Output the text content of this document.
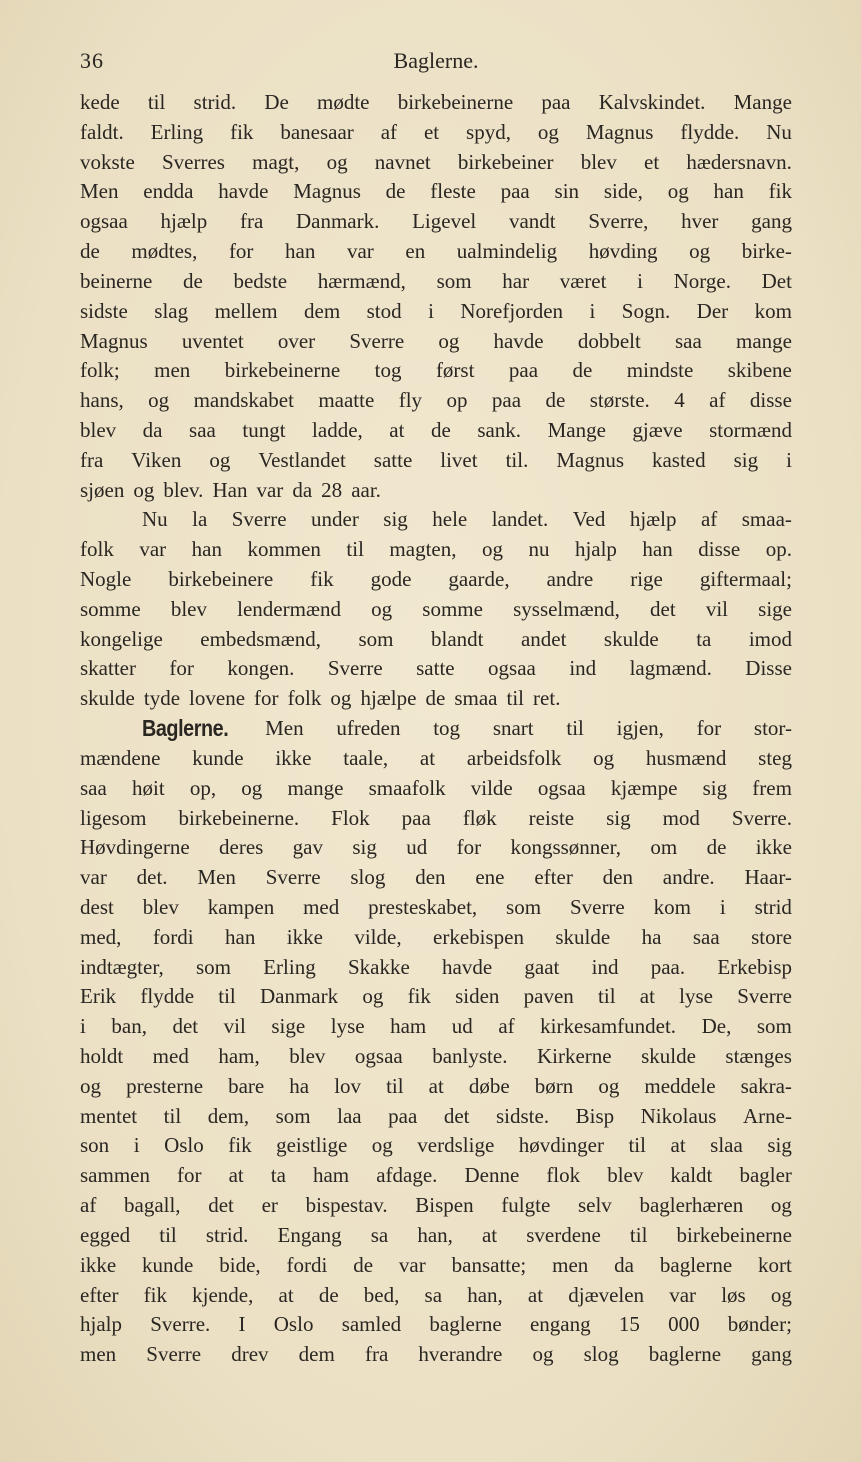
36	Baglerne.
kede til strid. De mødte birkebeinerne paa Kalvskindet. Mange
faldt. Erling fik banesaar af et spyd, og Magnus flydde. Nu
vokste Sverres magt, og navnet birkebeiner blev et hædersnavn.
Men endda havde Magnus de fleste paa sin side, og han fik
ogsaa hjælp fra Danmark. Ligevel vandt Sverre, hver gang
de mødtes, for han var en ualmindelig høvding og birke-
beinerne de bedste hærmænd, som har været i Norge. Det
sidste slag mellem dem stod i Norefjorden i Sogn. Der kom
Magnus uventet over Sverre og havde dobbelt saa mange
folk; men birkebeinerne tog først paa de mindste skibene
hans, og mandskabet maatte fly op paa de største. 4 af disse
blev da saa tungt ladde, at de sank. Mange gjæve stormænd
fra Viken og Vestlandet satte livet til. Magnus kasted sig i
sjøen og blev. Han var da 28 aar.
Nu la Sverre under sig hele landet. Ved hjælp af smaa-
folk var han kommen til magten, og nu hjalp han disse op.
Nogle birkebeinere fik gode gaarde, andre rige giftermaal;
somme blev lendermænd og somme sysselmænd, det vil sige
kongelige embedsmænd, som blandt andet skulde ta imod
skatter for kongen. Sverre satte ogsaa ind lagmænd. Disse
skulde tyde lovene for folk og hjælpe de smaa til ret.
Baglerne. Men ufreden tog snart til igjen, for stor-
mændene kunde ikke taale, at arbeidsfolk og husmænd steg
saa høit op, og mange smaafolk vilde ogsaa kjæmpe sig frem
ligesom birkebeinerne. Flok paa fløk reiste sig mod Sverre.
Høvdingerne deres gav sig ud for kongssønner, om de ikke
var det. Men Sverre slog den ene efter den andre. Haar-
dest blev kampen med presteskabet, som Sverre kom i strid
med, fordi han ikke vilde, erkebispen skulde ha saa store
indtægter, som Erling Skakke havde gaat ind paa. Erkebisp
Erik flydde til Danmark og fik siden paven til at lyse Sverre
i ban, det vil sige lyse ham ud af kirkesamfundet. De, som
holdt med ham, blev ogsaa banlyste. Kirkerne skulde stænges
og presterne bare ha lov til at døbe børn og meddele sakra-
mentet til dem, som laa paa det sidste. Bisp Nikolaus Arne-
son i Oslo fik geistlige og verdslige høvdinger til at slaa sig
sammen for at ta ham afdage. Denne flok blev kaldt bagler
af bagall, det er bispestav. Bispen fulgte selv baglerhæren og
egged til strid. Engang sa han, at sverdene til birkebeinerne
ikke kunde bide, fordi de var bansatte; men da baglerne kort
efter fik kjende, at de bed, sa han, at djævelen var løs og
hjalp Sverre. I Oslo samled baglerne engang 15 000 bønder;
men Sverre drev dem fra hverandre og slog baglerne gang
